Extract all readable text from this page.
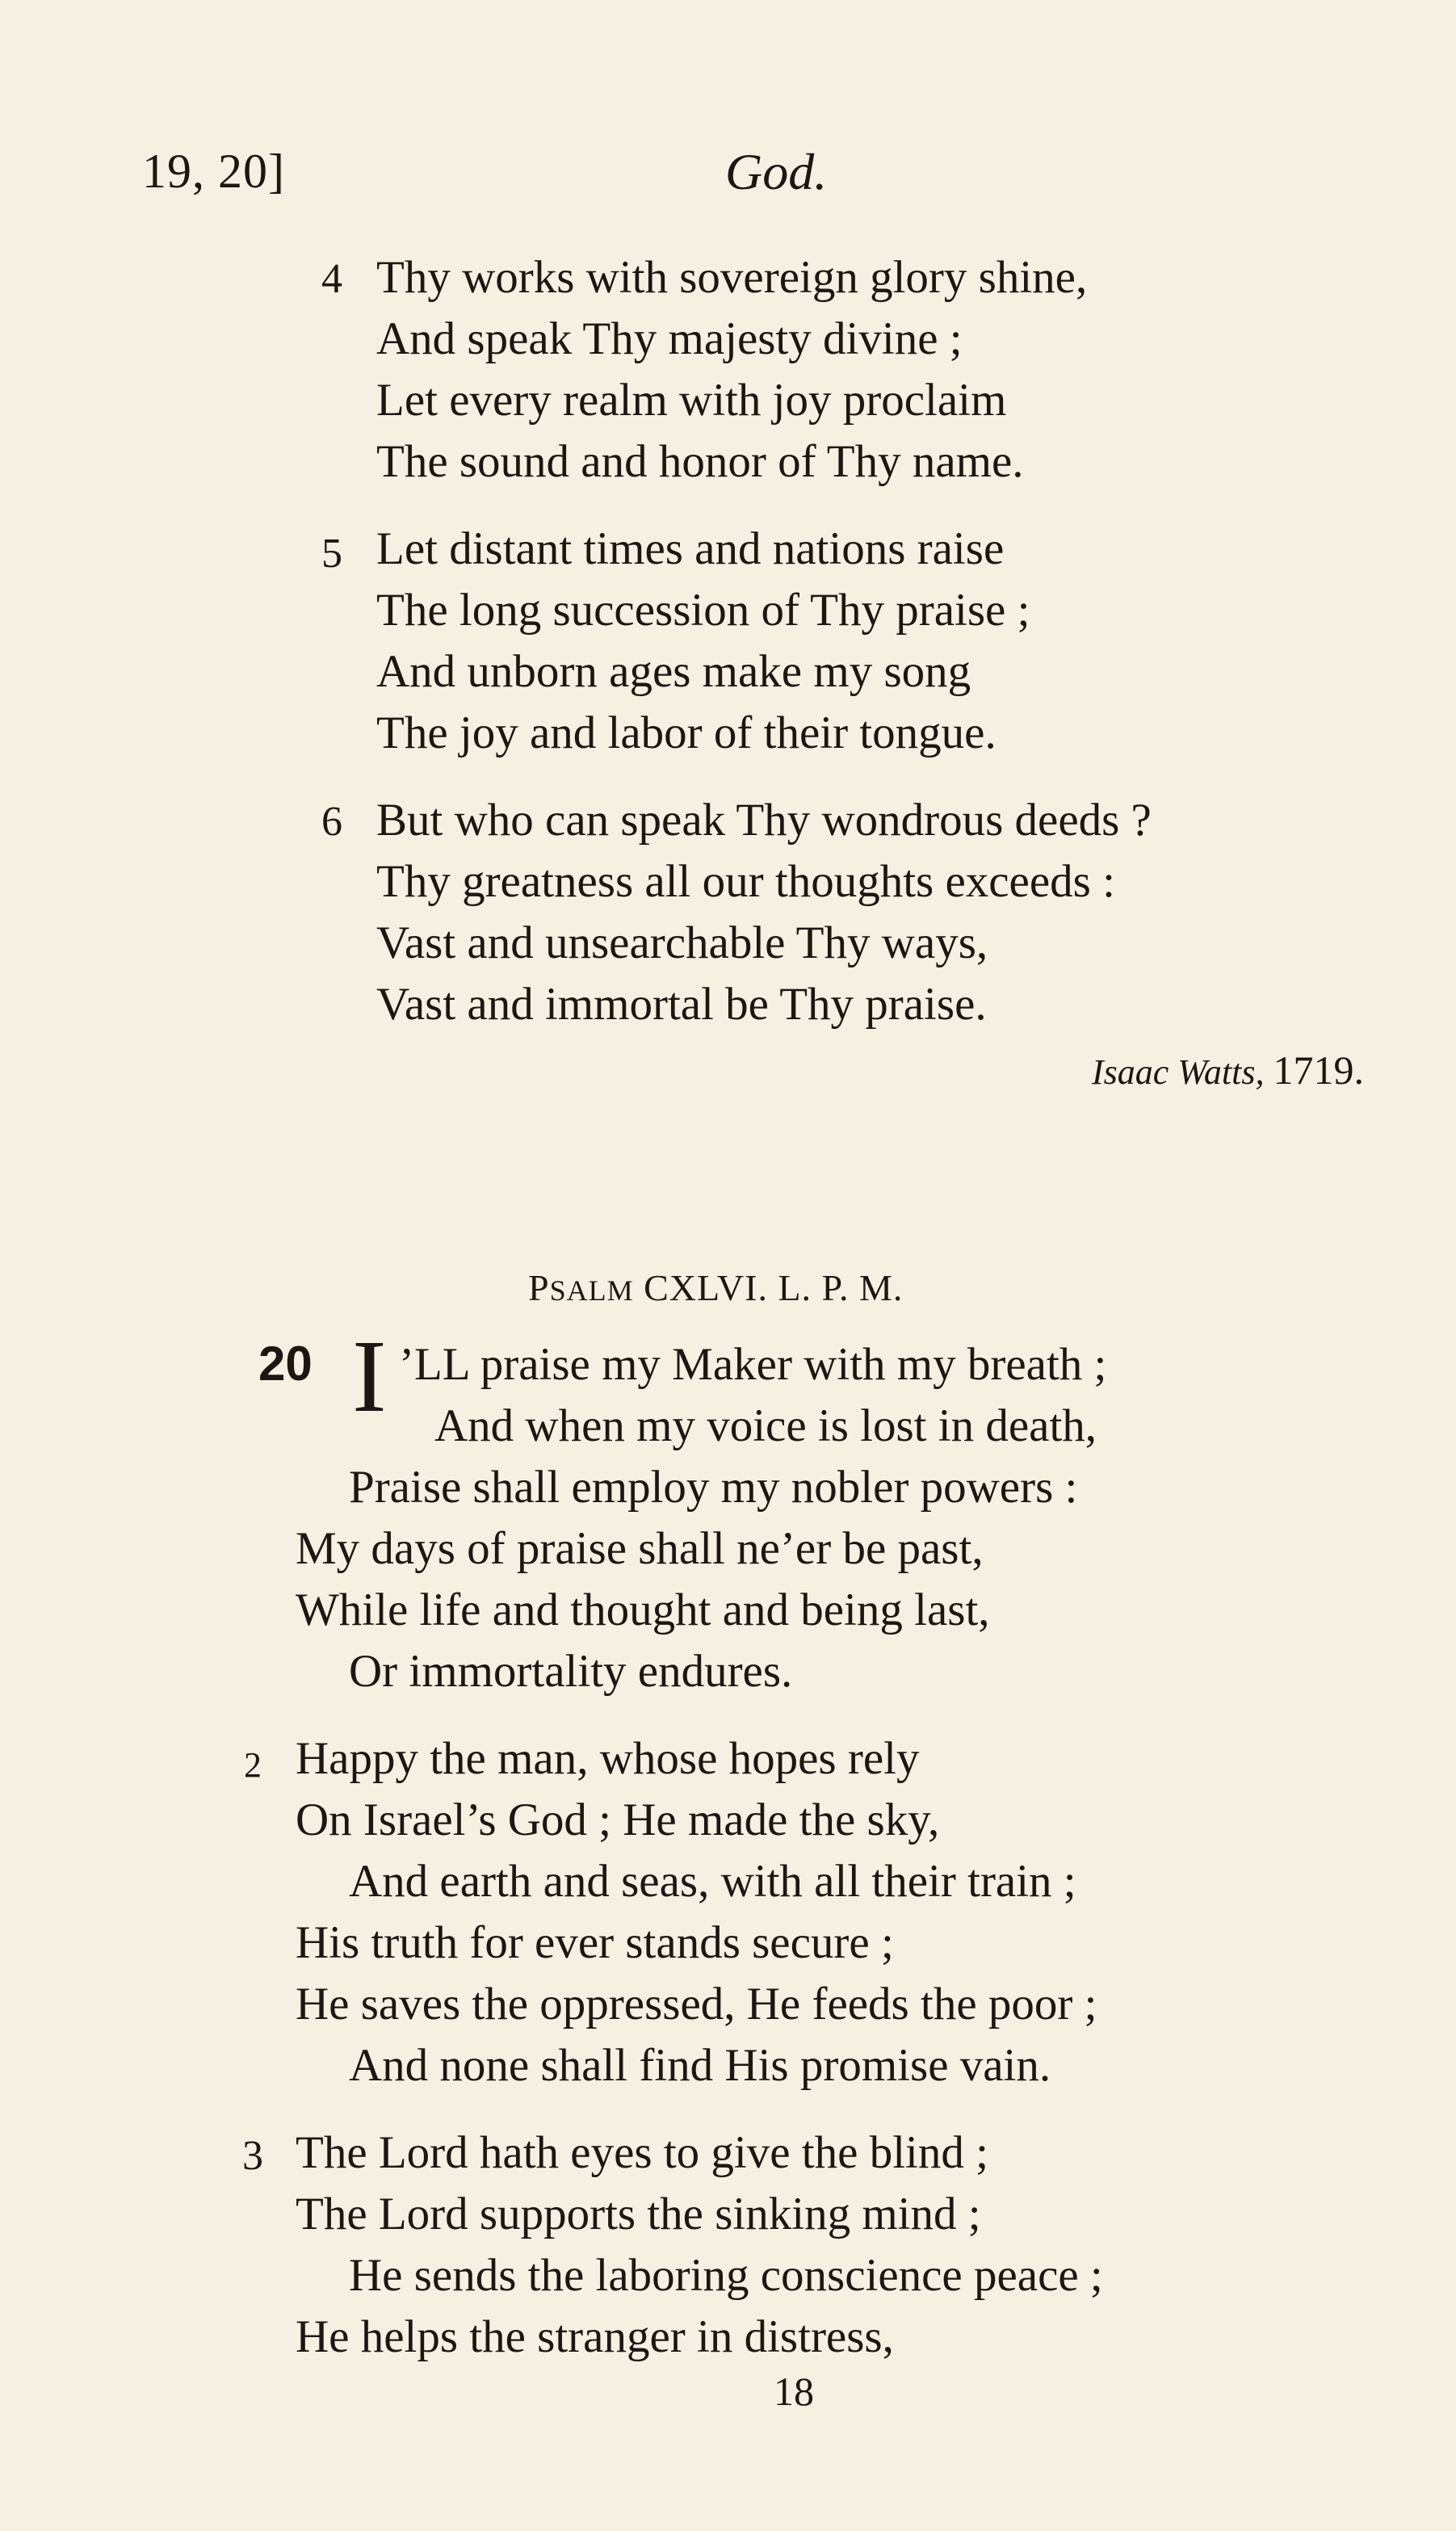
19, 20]	God.
4 Thy works with sovereign glory shine,
And speak Thy majesty divine ;
Let every realm with joy proclaim
The sound and honor of Thy name.
5 Let distant times and nations raise
The long succession of Thy praise ;
And unborn ages make my song
The joy and labor of their tongue.
6 But who can speak Thy wondrous deeds ?
Thy greatness all our thoughts exceeds :
Vast and unsearchable Thy ways,
Vast and immortal be Thy praise.
Isaac Watts, 1719.
PSALM CXLVI. L. P. M.
20 I ’LL praise my Maker with my breath ;
And when my voice is lost in death,
Praise shall employ my nobler powers :
My days of praise shall ne’er be past,
While life and thought and being last,
Or immortality endures.
2 Happy the man, whose hopes rely
On Israel’s God ; He made the sky,
And earth and seas, with all their train ;
His truth for ever stands secure ;
He saves the oppressed, He feeds the poor ;
And none shall find His promise vain.
3 The Lord hath eyes to give the blind ;
The Lord supports the sinking mind ;
He sends the laboring conscience peace ;
He helps the stranger in distress,
18
